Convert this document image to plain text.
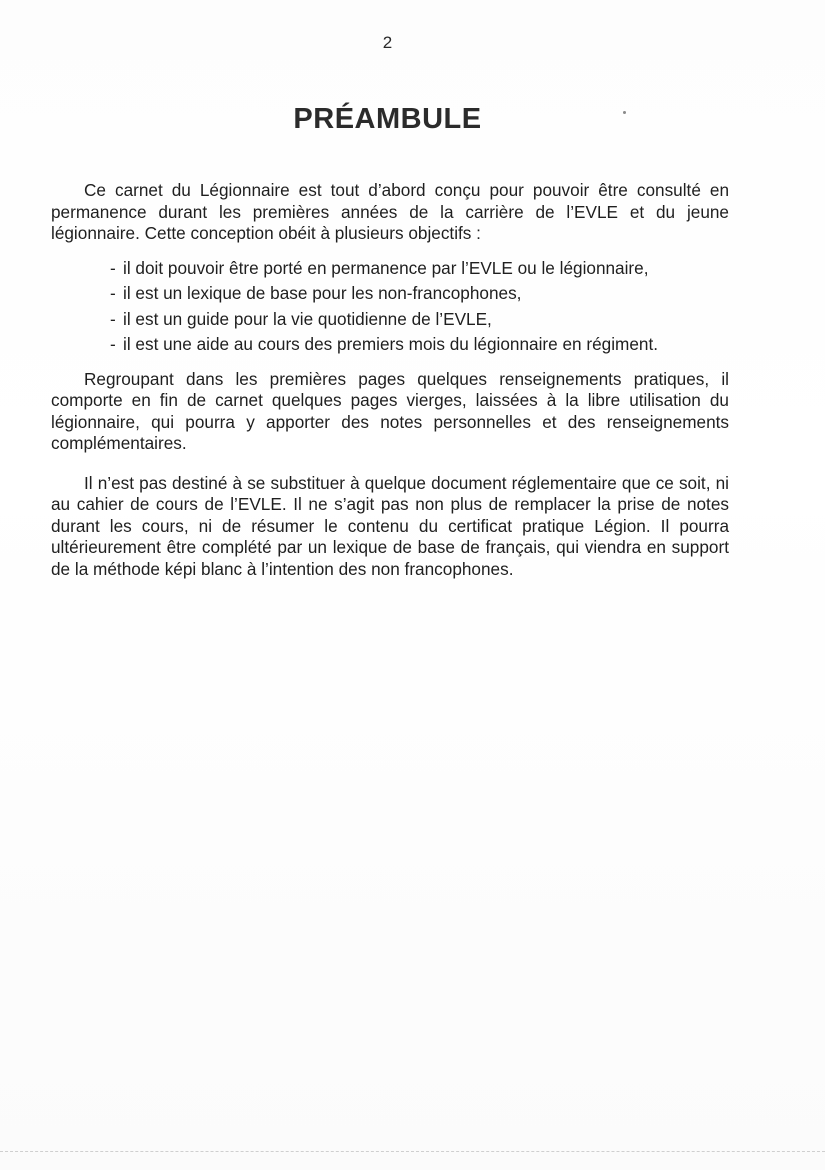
2
PRÉAMBULE

Ce carnet du Légionnaire est tout d’abord conçu pour pouvoir être consulté en permanence durant les premières années de la carrière de l’EVLE et du jeune légionnaire. Cette conception obéit à plusieurs objectifs :

- il doit pouvoir être porté en permanence par l’EVLE ou le légionnaire,
- il est un lexique de base pour les non-francophones,
- il est un guide pour la vie quotidienne de l’EVLE,
- il est une aide au cours des premiers mois du légionnaire en régiment.

Regroupant dans les premières pages quelques renseignements pratiques, il comporte en fin de carnet quelques pages vierges, laissées à la libre utilisation du légionnaire, qui pourra y apporter des notes personnelles et des renseignements complémentaires.

Il n’est pas destiné à se substituer à quelque document réglementaire que ce soit, ni au cahier de cours de l’EVLE. Il ne s’agit pas non plus de remplacer la prise de notes durant les cours, ni de résumer le contenu du certificat pratique Légion. Il pourra ultérieurement être complété par un lexique de base de français, qui viendra en support de la méthode képi blanc à l’intention des non francophones.
